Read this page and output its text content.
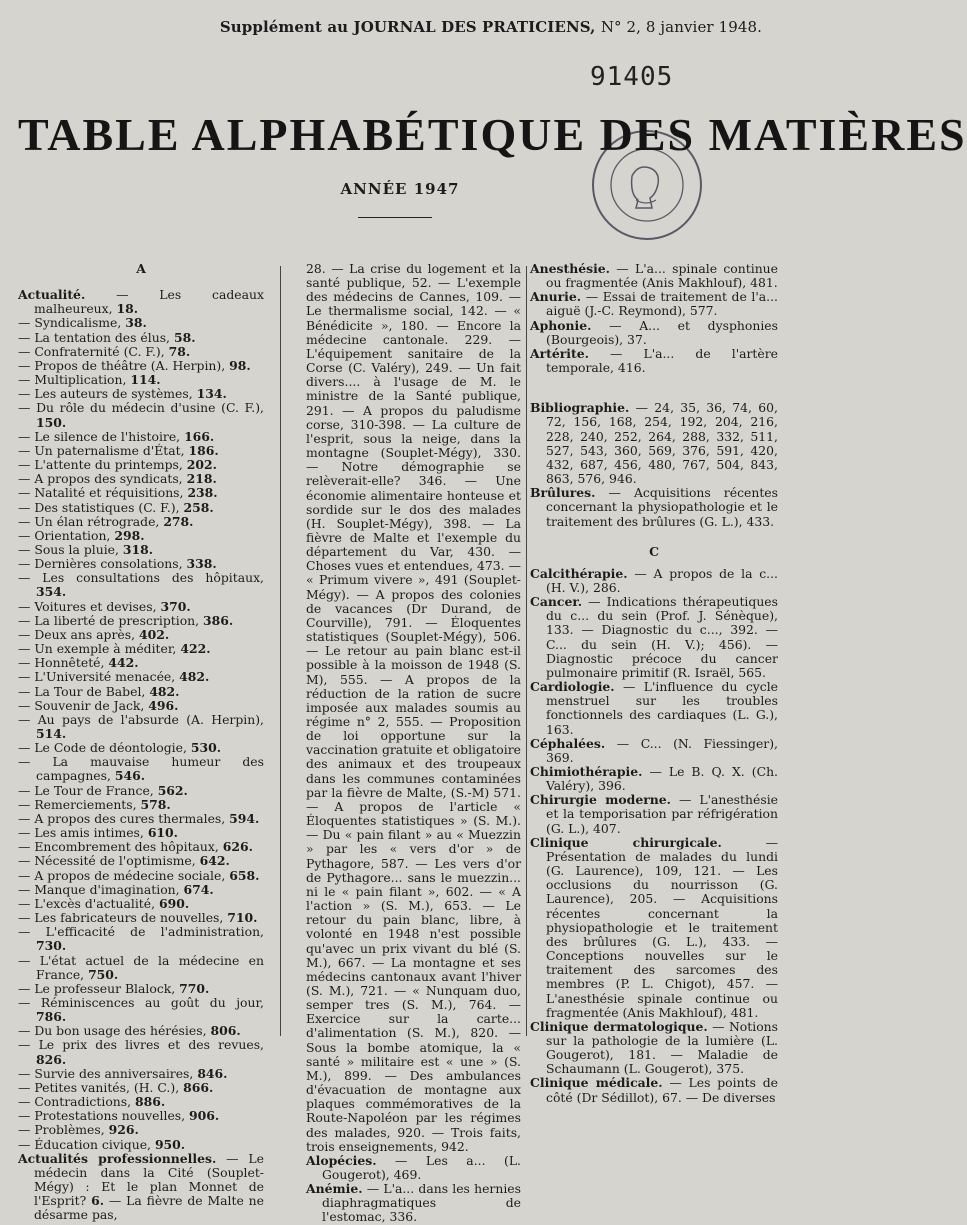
Supplément au JOURNAL DES PRATICIENS, N° 2, 8 janvier 1948.
91405
TABLE ALPHABÉTIQUE DES MATIÈRES
ANNÉE 1947

A

Actualité. — Les cadeaux malheureux, 18.

— Syndicalisme, 38.

— La tentation des élus, 58.

— Confraternité (C. F.), 78.

— Propos de théâtre (A. Herpin), 98.

— Multiplication, 114.

— Les auteurs de systèmes, 134.

— Du rôle du médecin d'usine (C. F.), 150.

— Le silence de l'histoire, 166.

— Un paternalisme d'État, 186.

— L'attente du printemps, 202.

— A propos des syndicats, 218.

— Natalité et réquisitions, 238.

— Des statistiques (C. F.), 258.

— Un élan rétrograde, 278.

— Orientation, 298.

— Sous la pluie, 318.

— Dernières consolations, 338.

— Les consultations des hôpitaux, 354.

— Voitures et devises, 370.

— La liberté de prescription, 386.

— Deux ans après, 402.

— Un exemple à méditer, 422.

— Honnêteté, 442.

— L'Université menacée, 482.

— La Tour de Babel, 482.

— Souvenir de Jack, 496.

— Au pays de l'absurde (A. Herpin), 514.

— Le Code de déontologie, 530.

— La mauvaise humeur des campagnes, 546.

— Le Tour de France, 562.

— Remerciements, 578.

— A propos des cures thermales, 594.

— Les amis intimes, 610.

— Encombrement des hôpitaux, 626.

— Nécessité de l'optimisme, 642.

— A propos de médecine sociale, 658.

— Manque d'imagination, 674.

— L'excès d'actualité, 690.

— Les fabricateurs de nouvelles, 710.

— L'efficacité de l'administration, 730.

— L'état actuel de la médecine en France, 750.

— Le professeur Blalock, 770.

— Réminiscences au goût du jour, 786.

— Du bon usage des hérésies, 806.

— Le prix des livres et des revues, 826.

— Survie des anniversaires, 846.

— Petites vanités, (H. C.), 866.

— Contradictions, 886.

— Protestations nouvelles, 906.

— Problèmes, 926.

— Éducation civique, 950.

Actualités professionnelles. — Le médecin dans la Cité (Souplet-Mégy) : Et le plan Monnet de l'Esprit? 6. — La fièvre de Malte ne désarme pas,

28. — La crise du logement et la santé publique, 52. — L'exemple des médecins de Cannes, 109. — Le thermalisme social, 142. — « Bénédicite », 180. — Encore la médecine cantonale. 229. — L'équipement sanitaire de la Corse (C. Valéry), 249. — Un fait divers.... à l'usage de M. le ministre de la Santé publique, 291. — A propos du paludisme corse, 310-398. — La culture de l'esprit, sous la neige, dans la montagne (Souplet-Mégy), 330. — Notre démographie se relèverait-elle? 346. — Une économie alimentaire honteuse et sordide sur le dos des malades (H. Souplet-Mégy), 398. — La fièvre de Malte et l'exemple du département du Var, 430. — Choses vues et entendues, 473. — « Primum vivere », 491 (Souplet-Mégy). — A propos des colonies de vacances (Dr Durand, de Courville), 791. — Éloquentes statistiques (Souplet-Mégy), 506. — Le retour au pain blanc est-il possible à la moisson de 1948 (S. M), 555. — A propos de la réduction de la ration de sucre imposée aux malades soumis au régime n° 2, 555. — Proposition de loi opportune sur la vaccination gratuite et obligatoire des animaux et des troupeaux dans les communes contaminées par la fièvre de Malte, (S.-M) 571. — A propos de l'article « Éloquentes statistiques » (S. M.). — Du « pain filant » au « Muezzin » par les « vers d'or » de Pythagore, 587. — Les vers d'or de Pythagore... sans le muezzin... ni le « pain filant », 602. — « A l'action » (S. M.), 653. — Le retour du pain blanc, libre, à volonté en 1948 n'est possible qu'avec un prix vivant du blé (S. M.), 667. — La montagne et ses médecins cantonaux avant l'hiver (S. M.), 721. — « Nunquam duo, semper tres (S. M.), 764. — Exercice sur la carte... d'alimentation (S. M.), 820. — Sous la bombe atomique, la « santé » militaire est « une » (S. M.), 899. — Des ambulances d'évacuation de montagne aux plaques commémoratives de la Route-Napoléon par les régimes des malades, 920. — Trois faits, trois enseignements, 942.

Alopécies. — Les a... (L. Gougerot), 469.

Anémie. — L'a... dans les hernies diaphragmatiques de l'estomac, 336.

Anesthésie. — L'a... spinale continue ou fragmentée (Anis Makhlouf), 481.

Anurie. — Essai de traitement de l'a... aiguë (J.-C. Reymond), 577.

Aphonie. — A... et dysphonies (Bourgeois), 37.

Artérite. — L'a... de l'artère temporale, 416.

Bibliographie. — 24, 35, 36, 74, 60, 72, 156, 168, 254, 192, 204, 216, 228, 240, 252, 264, 288, 332, 511, 527, 543, 360, 569, 376, 591, 420, 432, 687, 456, 480, 767, 504, 843, 863, 576, 946.

Brûlures. — Acquisitions récentes concernant la physiopathologie et le traitement des brûlures (G. L.), 433.

C

Calcithérapie. — A propos de la c... (H. V.), 286.

Cancer. — Indications thérapeutiques du c... du sein (Prof. J. Sénèque), 133. — Diagnostic du c..., 392. — C... du sein (H. V.); 456). — Diagnostic précoce du cancer pulmonaire primitif (R. Israël, 565.

Cardiologie. — L'influence du cycle menstruel sur les troubles fonctionnels des cardiaques (L. G.), 163.

Céphalées. — C... (N. Fiessinger), 369.

Chimiothérapie. — Le B. Q. X. (Ch. Valéry), 396.

Chirurgie moderne. — L'anesthésie et la temporisation par réfrigération (G. L.), 407.

Clinique chirurgicale.	— Présentation de malades du lundi (G. Laurence), 109, 121. — Les occlusions du nourrisson (G. Laurence), 205. — Acquisitions récentes concernant la physiopathologie et le traitement des brûlures (G. L.), 433. — Conceptions nouvelles sur le traitement des sarcomes des membres (P. L. Chigot), 457. — L'anesthésie spinale continue ou fragmentée (Anis Makhlouf), 481.

Clinique dermatologique. — Notions sur la pathologie de la lumière (L. Gougerot), 181. — Maladie de Schaumann (L. Gougerot), 375.

Clinique médicale. — Les points de côté (Dr Sédillot), 67. — De diverses
